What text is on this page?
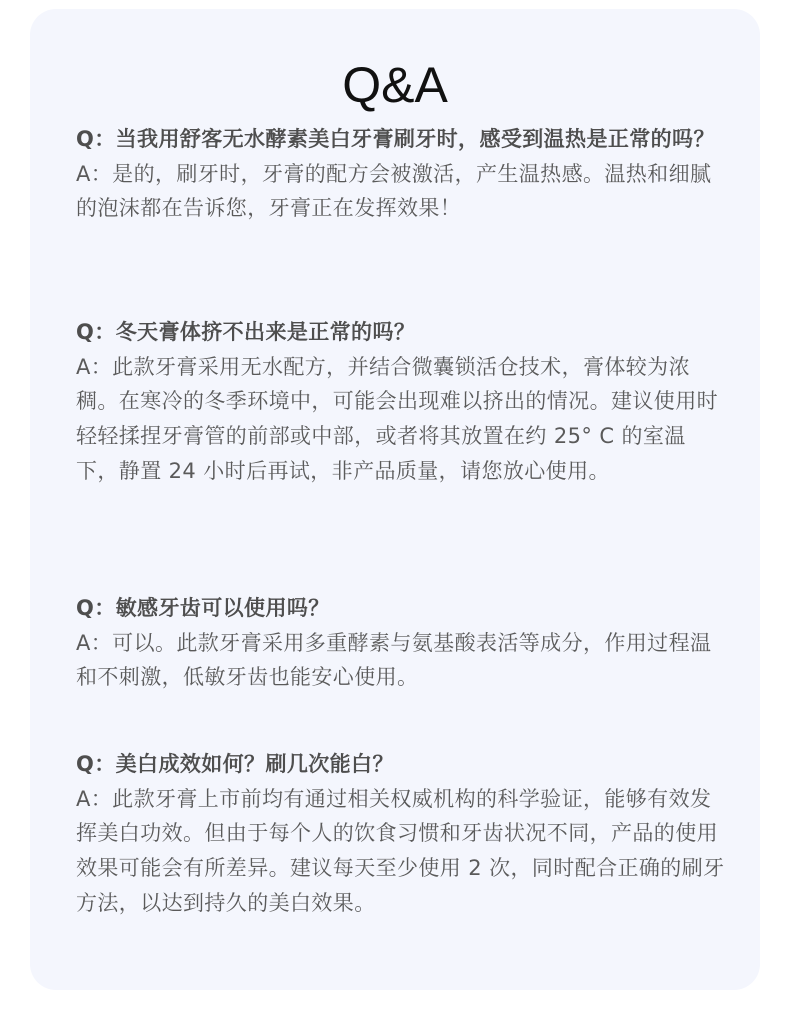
Q&A

Q：当我用舒客无水酵素美白牙膏刷牙时，感受到温热是正常的吗？

A：是的，刷牙时，牙膏的配方会被激活，产生温热感。温热和细腻的泡沫都在告诉您，牙膏正在发挥效果！

Q：冬天膏体挤不出来是正常的吗？

A：此款牙膏采用无水配方，并结合微囊锁活仓技术，膏体较为浓稠。在寒冷的冬季环境中，可能会出现难以挤出的情况。建议使用时轻轻揉捏牙膏管的前部或中部，或者将其放置在约 25° C 的室温下，静置 24 小时后再试，非产品质量，请您放心使用。

Q：敏感牙齿可以使用吗？

A：可以。此款牙膏采用多重酵素与氨基酸表活等成分，作用过程温和不刺激，低敏牙齿也能安心使用。

Q：美白成效如何？刷几次能白？

A：此款牙膏上市前均有通过相关权威机构的科学验证，能够有效发挥美白功效。但由于每个人的饮食习惯和牙齿状况不同，产品的使用效果可能会有所差异。建议每天至少使用 2 次，同时配合正确的刷牙方法，以达到持久的美白效果。
